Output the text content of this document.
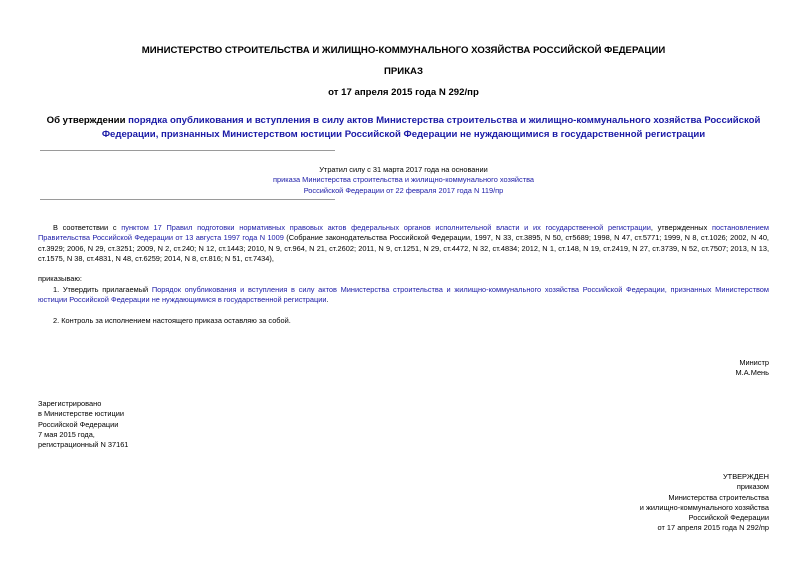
МИНИСТЕРСТВО СТРОИТЕЛЬСТВА И ЖИЛИЩНО-КОММУНАЛЬНОГО ХОЗЯЙСТВА РОССИЙСКОЙ ФЕДЕРАЦИИ
ПРИКАЗ
от 17 апреля 2015 года N 292/пр
Об утверждении порядка опубликования и вступления в силу актов Министерства строительства и жилищно-коммунального хозяйства Российской Федерации, признанных Министерством юстиции Российской Федерации не нуждающимися в государственной регистрации
Утратил силу с 31 марта 2017 года на основании
приказа Министерства строительства и жилищно-коммунального хозяйства
Российской Федерации от 22 февраля 2017 года N 119/пр
В соответствии с пунктом 17 Правил подготовки нормативных правовых актов федеральных органов исполнительной власти и их государственной регистрации, утвержденных постановлением Правительства Российской Федерации от 13 августа 1997 года N 1009 (Собрание законодательства Российской Федерации, 1997, N 33, ст.3895, N 50, ст5689; 1998, N 47, ст.5771; 1999, N 8, ст.1026; 2002, N 40, ст.3929; 2006, N 29, ст.3251; 2009, N 2, ст.240; N 12, ст.1443; 2010, N 9, ст.964, N 21, ст.2602; 2011, N 9, ст.1251, N 29, ст.4472, N 32, ст.4834; 2012, N 1, ст.148, N 19, ст.2419, N 27, ст.3739, N 52, ст.7507; 2013, N 13, ст.1575, N 38, ст.4831, N 48, ст.6259; 2014, N 8, ст.816; N 51, ст.7434),
приказываю:
1. Утвердить прилагаемый Порядок опубликования и вступления в силу актов Министерства строительства и жилищно-коммунального хозяйства Российской Федерации, признанных Министерством юстиции Российской Федерации не нуждающимися в государственной регистрации.
2. Контроль за исполнением настоящего приказа оставляю за собой.
Министр
М.А.Мень
Зарегистрировано
в Министерстве юстиции
Российской Федерации
7 мая 2015 года,
регистрационный N 37161
УТВЕРЖДЕН
приказом
Министерства строительства
и жилищно-коммунального хозяйства
Российской Федерации
от 17 апреля 2015 года N 292/пр
